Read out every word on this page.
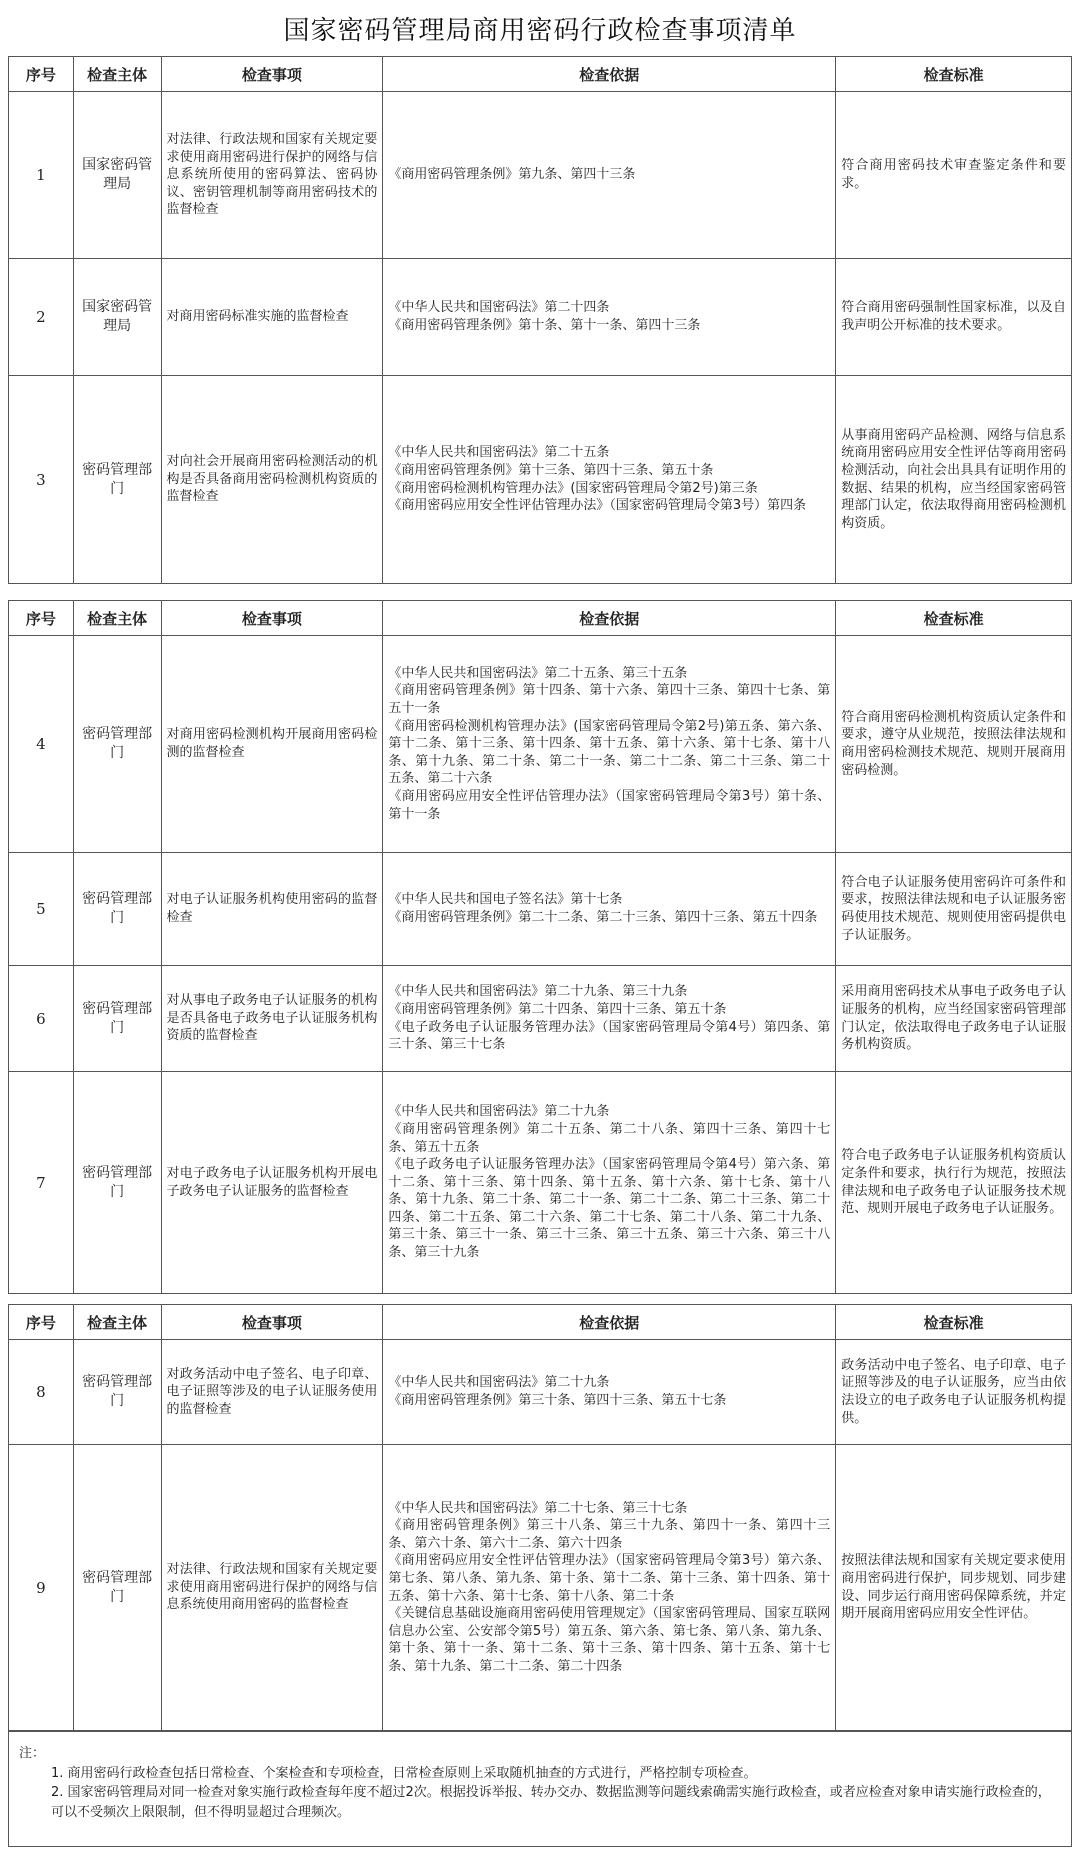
国家密码管理局商用密码行政检查事项清单
序号	检查主体	检查事项	检查依据	检查标准
1	国家密码管理局	对法律、行政法规和国家有关规定要求使用商用密码进行保护的网络与信息系统所使用的密码算法、密码协议、密钥管理机制等商用密码技术的监督检查	《商用密码管理条例》第九条、第四十三条	符合商用密码技术审查鉴定条件和要求。
2	国家密码管理局	对商用密码标准实施的监督检查	《中华人民共和国密码法》第二十四条
《商用密码管理条例》第十条、第十一条、第四十三条	符合商用密码强制性国家标准，以及自我声明公开标准的技术要求。
3	密码管理部门	对向社会开展商用密码检测活动的机构是否具备商用密码检测机构资质的监督检查	《中华人民共和国密码法》第二十五条
《商用密码管理条例》第十三条、第四十三条、第五十条
《商用密码检测机构管理办法》(国家密码管理局令第2号)第三条
《商用密码应用安全性评估管理办法》（国家密码管理局令第3号）第四条	从事商用密码产品检测、网络与信息系统商用密码应用安全性评估等商用密码检测活动，向社会出具具有证明作用的数据、结果的机构，应当经国家密码管理部门认定，依法取得商用密码检测机构资质。
序号	检查主体	检查事项	检查依据	检查标准
4	密码管理部门	对商用密码检测机构开展商用密码检测的监督检查	《中华人民共和国密码法》第二十五条、第三十五条
《商用密码管理条例》第十四条、第十六条、第四十三条、第四十七条、第五十一条
《商用密码检测机构管理办法》(国家密码管理局令第2号)第五条、第六条、第十二条、第十三条、第十四条、第十五条、第十六条、第十七条、第十八条、第十九条、第二十条、第二十一条、第二十二条、第二十三条、第二十五条、第二十六条
《商用密码应用安全性评估管理办法》（国家密码管理局令第3号）第十条、第十一条	符合商用密码检测机构资质认定条件和要求，遵守从业规范，按照法律法规和商用密码检测技术规范、规则开展商用密码检测。
5	密码管理部门	对电子认证服务机构使用密码的监督检查	《中华人民共和国电子签名法》第十七条
《商用密码管理条例》第二十二条、第二十三条、第四十三条、第五十四条	符合电子认证服务使用密码许可条件和要求，按照法律法规和电子认证服务密码使用技术规范、规则使用密码提供电子认证服务。
6	密码管理部门	对从事电子政务电子认证服务的机构是否具备电子政务电子认证服务机构资质的监督检查	《中华人民共和国密码法》第二十九条、第三十九条
《商用密码管理条例》第二十四条、第四十三条、第五十条
《电子政务电子认证服务管理办法》（国家密码管理局令第4号）第四条、第三十条、第三十七条	采用商用密码技术从事电子政务电子认证服务的机构，应当经国家密码管理部门认定，依法取得电子政务电子认证服务机构资质。
7	密码管理部门	对电子政务电子认证服务机构开展电子政务电子认证服务的监督检查	《中华人民共和国密码法》第二十九条
《商用密码管理条例》第二十五条、第二十八条、第四十三条、第四十七条、第五十五条
《电子政务电子认证服务管理办法》（国家密码管理局令第4号）第六条、第十二条、第十三条、第十四条、第十五条、第十六条、第十七条、第十八条、第十九条、第二十条、第二十一条、第二十二条、第二十三条、第二十四条、第二十五条、第二十六条、第二十七条、第二十八条、第二十九条、第三十条、第三十一条、第三十三条、第三十五条、第三十六条、第三十八条、第三十九条	符合电子政务电子认证服务机构资质认定条件和要求，执行行为规范，按照法律法规和电子政务电子认证服务技术规范、规则开展电子政务电子认证服务。
序号	检查主体	检查事项	检查依据	检查标准
8	密码管理部门	对政务活动中电子签名、电子印章、电子证照等涉及的电子认证服务使用的监督检查	《中华人民共和国密码法》第二十九条
《商用密码管理条例》第三十条、第四十三条、第五十七条	政务活动中电子签名、电子印章、电子证照等涉及的电子认证服务，应当由依法设立的电子政务电子认证服务机构提供。
9	密码管理部门	对法律、行政法规和国家有关规定要求使用商用密码进行保护的网络与信息系统使用商用密码的监督检查	《中华人民共和国密码法》第二十七条、第三十七条
《商用密码管理条例》第三十八条、第三十九条、第四十一条、第四十三条、第六十条、第六十二条、第六十四条
《商用密码应用安全性评估管理办法》（国家密码管理局令第3号）第六条、第七条、第八条、第九条、第十条、第十二条、第十三条、第十四条、第十五条、第十六条、第十七条、第十八条、第二十条
《关键信息基础设施商用密码使用管理规定》（国家密码管理局、国家互联网信息办公室、公安部令第5号）第五条、第六条、第七条、第八条、第九条、第十条、第十一条、第十二条、第十三条、第十四条、第十五条、第十七条、第十九条、第二十二条、第二十四条	按照法律法规和国家有关规定要求使用商用密码进行保护，同步规划、同步建设、同步运行商用密码保障系统，并定期开展商用密码应用安全性评估。
注：
1. 商用密码行政检查包括日常检查、个案检查和专项检查，日常检查原则上采取随机抽查的方式进行，严格控制专项检查。
2. 国家密码管理局对同一检查对象实施行政检查每年度不超过2次。根据投诉举报、转办交办、数据监测等问题线索确需实施行政检查，或者应检查对象申请实施行政检查的，可以不受频次上限限制，但不得明显超过合理频次。
